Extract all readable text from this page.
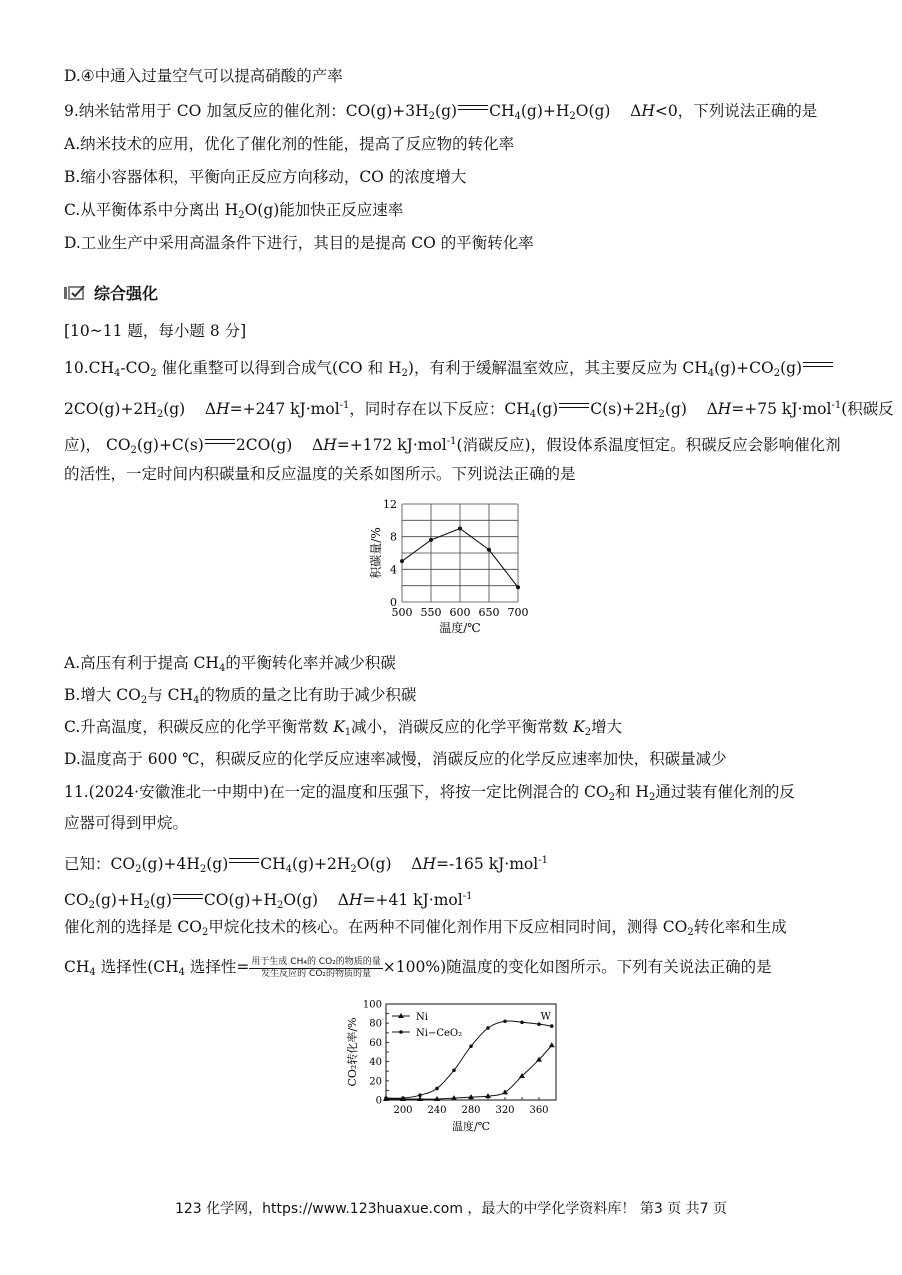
D.④中通入过量空气可以提高硝酸的产率
9.纳米钴常用于 CO 加氢反应的催化剂：$CO(g)+3H_2(g)$ $CH_4(g)+H_2O(g)$    ΔH<0，下列说法正确的是
A.纳米技术的应用，优化了催化剂的性能，提高了反应物的转化率
B.缩小容器体积，平衡向正反应方向移动，CO 的浓度增大
C.从平衡体系中分离出 $H_2O(g)$能加快正反应速率
D.工业生产中采用高温条件下进行，其目的是提高 CO 的平衡转化率
综合强化
[10~11 题，每小题 8 分]
$10.CH_4-CO_2$ 催化重整可以得到合成气(CO 和 $H_2$)，有利于缓解温室效应，其主要反应为 $CH_4(g)+CO_2(g)$
$2CO(g)+2H_2(g)$    ΔH=+247 kJ·mol$^{-1}$，同时存在以下反应：$CH_4(g)$ $C(s)+2H_2(g)$    ΔH=+75 kJ·mol$^{-1}$(积碳反
应)， $CO_2(g)+C(s)$ 2CO(g)    ΔH=+172 kJ·mol$^{-1}$(消碳反应)，假设体系温度恒定。积碳反应会影响催化剂
的活性，一定时间内积碳量和反应温度的关系如图所示。下列说法正确的是
0
4
8
12
500 550 600 650 700
积碳量/%
温度/℃
A.高压有利于提高 $CH_4$的平衡转化率并减少积碳
B.增大 $CO_2$与 $CH_4$的物质的量之比有助于减少积碳
C.升高温度，积碳反应的化学平衡常数 $K_1$减小，消碳反应的化学平衡常数 $K_2$增大
D.温度高于 600 ℃，积碳反应的化学反应速率减慢，消碳反应的化学反应速率加快，积碳量减少
11.(2024·安徽淮北一中期中)在一定的温度和压强下，将按一定比例混合的 $CO_2$和 $H_2$通过装有催化剂的反
应器可得到甲烷。
已知：$CO_2(g)+4H_2(g)$ $CH_4(g)+2H_2O(g)$    ΔH=-165 kJ·mol$^{-1}$
$CO_2(g)+H_2(g)$ $CO(g)+H_2O(g)$    ΔH=+41 kJ·mol$^{-1}$
催化剂的选择是 $CO_2$甲烷化技术的核心。在两种不同催化剂作用下反应相同时间，测得 $CO_2$转化率和生成
$CH_4$ 选择性($CH_4$ 选择性= $\frac{\text{用于生成 CH₄的 CO₂的物质的量}}{\text{发生反应的 CO₂的物质的量}} \times 100\%$)随温度的变化如图所示。下列有关说法正确的是
0
20
40
60
80
100
200 240 280 320 360
CO₂转化率/%
温度/℃
Ni
Ni−CeO₂
W
123 化学网，https://www.123huaxue.com ，最大的中学化学资料库！ 第3 页 共7 页
